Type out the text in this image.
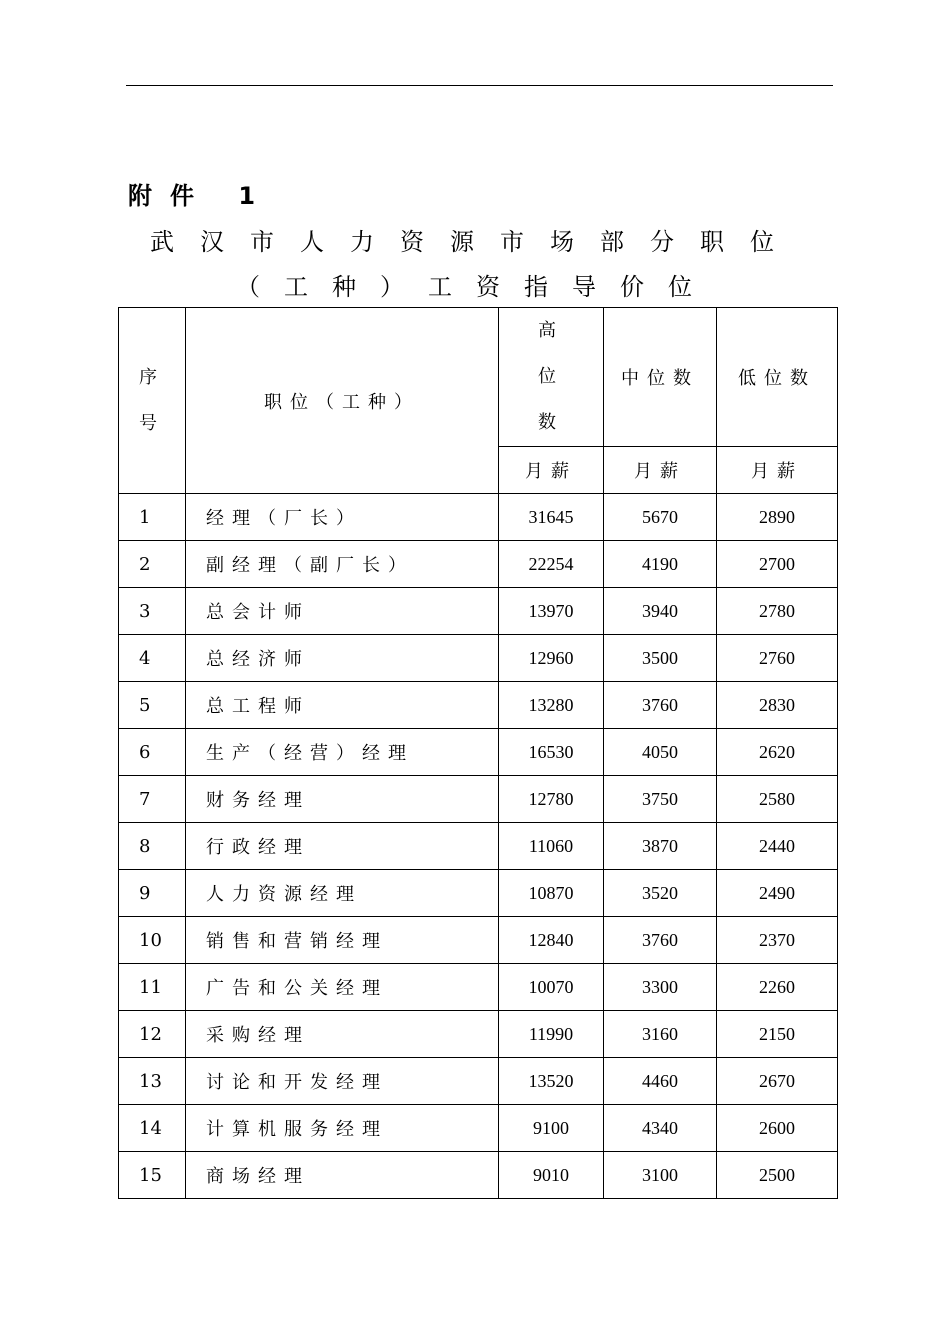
附件 1
武汉市人力资源市场部分职位
（工种）工资指导价位
序号	职位（工种）	高位数	中位数	低位数
		月薪	月薪	月薪
1	经理（厂长）	31645	5670	2890
2	副经理（副厂长）	22254	4190	2700
3	总会计师	13970	3940	2780
4	总经济师	12960	3500	2760
5	总工程师	13280	3760	2830
6	生产（经营）经理	16530	4050	2620
7	财务经理	12780	3750	2580
8	行政经理	11060	3870	2440
9	人力资源经理	10870	3520	2490
10	销售和营销经理	12840	3760	2370
11	广告和公关经理	10070	3300	2260
12	采购经理	11990	3160	2150
13	讨论和开发经理	13520	4460	2670
14	计算机服务经理	9100	4340	2600
15	商场经理	9010	3100	2500
